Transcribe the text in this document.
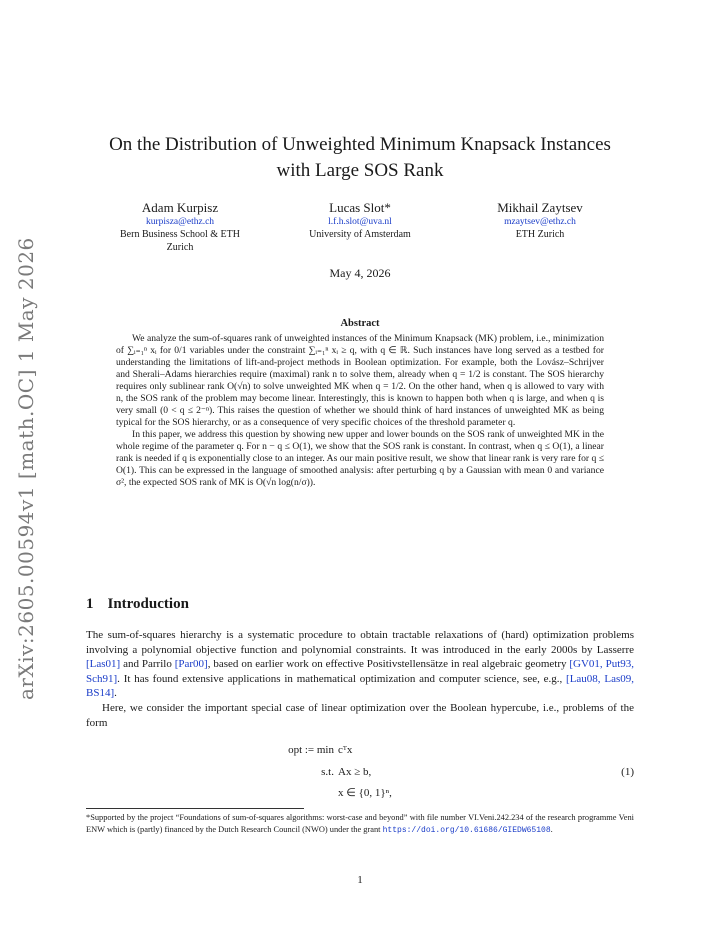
arXiv:2605.00594v1 [math.OC] 1 May 2026
On the Distribution of Unweighted Minimum Knapsack Instances
with Large SOS Rank
Adam Kurpisz
kurpisza@ethz.ch
Bern Business School & ETH
Zurich
Lucas Slot*
l.f.h.slot@uva.nl
University of Amsterdam
Mikhail Zaytsev
mzaytsev@ethz.ch
ETH Zurich
May 4, 2026
Abstract

We analyze the sum-of-squares rank of unweighted instances of the Minimum Knapsack (MK) problem, i.e., minimization of ∑ᵢ₌₁ⁿ xᵢ for 0/1 variables under the constraint ∑ᵢ₌₁ⁿ xᵢ ≥ q, with q ∈ ℝ. Such instances have long served as a testbed for understanding the limitations of lift-and-project methods in Boolean optimization. For example, both the Lovász–Schrijver and Sherali–Adams hierarchies require (maximal) rank n to solve them, already when q = 1/2 is constant. The SOS hierarchy requires only sublinear rank O(√n) to solve unweighted MK when q = 1/2. On the other hand, when q is allowed to vary with n, the SOS rank of the problem may become linear. Interestingly, this is known to happen both when q is large, and when q is very small (0 < q ≤ 2⁻ⁿ). This raises the question of whether we should think of hard instances of unweighted MK as being typical for the SOS hierarchy, or as a consequence of very specific choices of the threshold parameter q.

In this paper, we address this question by showing new upper and lower bounds on the SOS rank of unweighted MK in the whole regime of the parameter q. For n − q ≤ O(1), we show that the SOS rank is constant. In contrast, when q ≤ O(1), a linear rank is needed if q is exponentially close to an integer. As our main positive result, we show that linear rank is very rare for q ≤ O(1). This can be expressed in the language of smoothed analysis: after perturbing q by a Gaussian with mean 0 and variance σ², the expected SOS rank of MK is O(√n log(n/σ)).

1 Introduction

The sum-of-squares hierarchy is a systematic procedure to obtain tractable relaxations of (hard) optimization problems involving a polynomial objective function and polynomial constraints. It was introduced in the early 2000s by Lasserre [Las01] and Parrilo [Par00], based on earlier work on effective Positivstellensätze in real algebraic geometry [GV01, Put93, Sch91]. It has found extensive applications in mathematical optimization and computer science, see, e.g., [Lau08, Las09, BS14].

Here, we consider the important special case of linear optimization over the Boolean hypercube, i.e., problems of the form

opt := min cᵀx
s.t. Ax ≥ b,	(1)
x ∈ {0, 1}ⁿ,
*Supported by the project “Foundations of sum-of-squares algorithms: worst-case and beyond” with file number VI.Veni.242.234 of the research programme Veni ENW which is (partly) financed by the Dutch Research Council (NWO) under the grant https://doi.org/10.61686/GIEDW65108.
1
